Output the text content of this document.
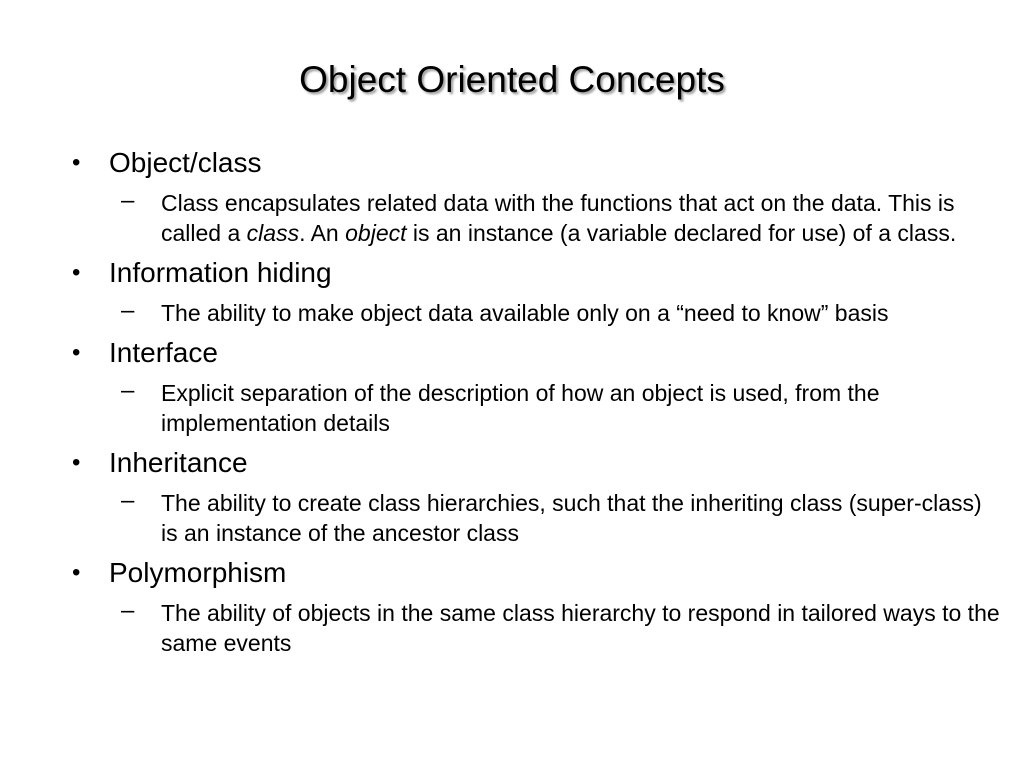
Object Oriented Concepts
•	Object/class
– Class encapsulates related data with the functions that act on the data. This is called a class. An object is an instance (a variable declared for use) of a class.
•	Information hiding
– The ability to make object data available only on a “need to know” basis
•	Interface
– Explicit separation of the description of how an object is used, from the implementation details
•	Inheritance
– The ability to create class hierarchies, such that the inheriting class (super-class) is an instance of the ancestor class
•	Polymorphism
– The ability of objects in the same class hierarchy to respond in tailored ways to the same events
